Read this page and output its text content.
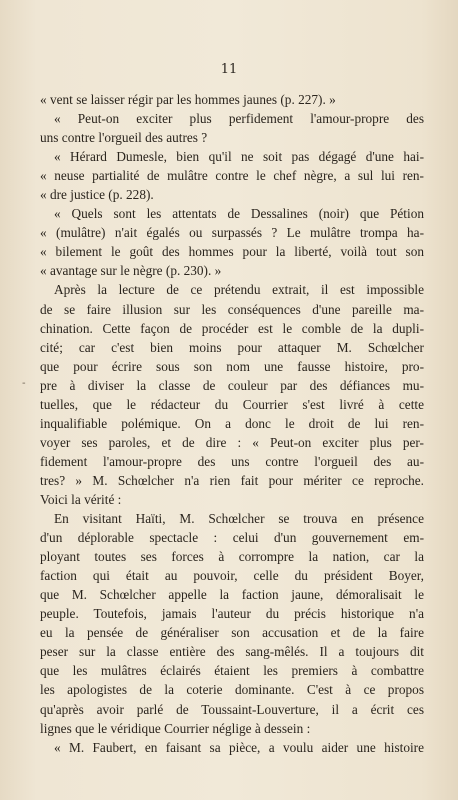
11
-
« vent se laisser régir par les hommes jaunes (p. 227). »
« Peut-on exciter plus perfidement l'amour-propre des
uns contre l'orgueil des autres ?
« Hérard Dumesle, bien qu'il ne soit pas dégagé d'une hai-
« neuse partialité de mulâtre contre le chef nègre, a sul lui ren-
« dre justice (p. 228).
« Quels sont les attentats de Dessalines (noir) que Pétion
« (mulâtre) n'ait égalés ou surpassés ? Le mulâtre trompa ha-
« bilement le goût des hommes pour la liberté, voilà tout son
« avantage sur le nègre (p. 230). »
Après la lecture de ce prétendu extrait, il est impossible
de se faire illusion sur les conséquences d'une pareille ma-
chination. Cette façon de procéder est le comble de la dupli-
cité; car c'est bien moins pour attaquer M. Schœlcher
que pour écrire sous son nom une fausse histoire, pro-
pre à diviser la classe de couleur par des défiances mu-
tuelles, que le rédacteur du Courrier s'est livré à cette
inqualifiable polémique. On a donc le droit de lui ren-
voyer ses paroles, et de dire : « Peut-on exciter plus per-
fidement l'amour-propre des uns contre l'orgueil des au-
tres? » M. Schœlcher n'a rien fait pour mériter ce reproche.
Voici la vérité :
En visitant Haïti, M. Schœlcher se trouva en présence
d'un déplorable spectacle : celui d'un gouvernement em-
ployant toutes ses forces à corrompre la nation, car la
faction qui était au pouvoir, celle du président Boyer,
que M. Schœlcher appelle la faction jaune, démoralisait le
peuple. Toutefois, jamais l'auteur du précis historique n'a
eu la pensée de généraliser son accusation et de la faire
peser sur la classe entière des sang-mêlés. Il a toujours dit
que les mulâtres éclairés étaient les premiers à combattre
les apologistes de la coterie dominante. C'est à ce propos
qu'après avoir parlé de Toussaint-Louverture, il a écrit ces
lignes que le véridique Courrier néglige à dessein :
« M. Faubert, en faisant sa pièce, a voulu aider une histoire
